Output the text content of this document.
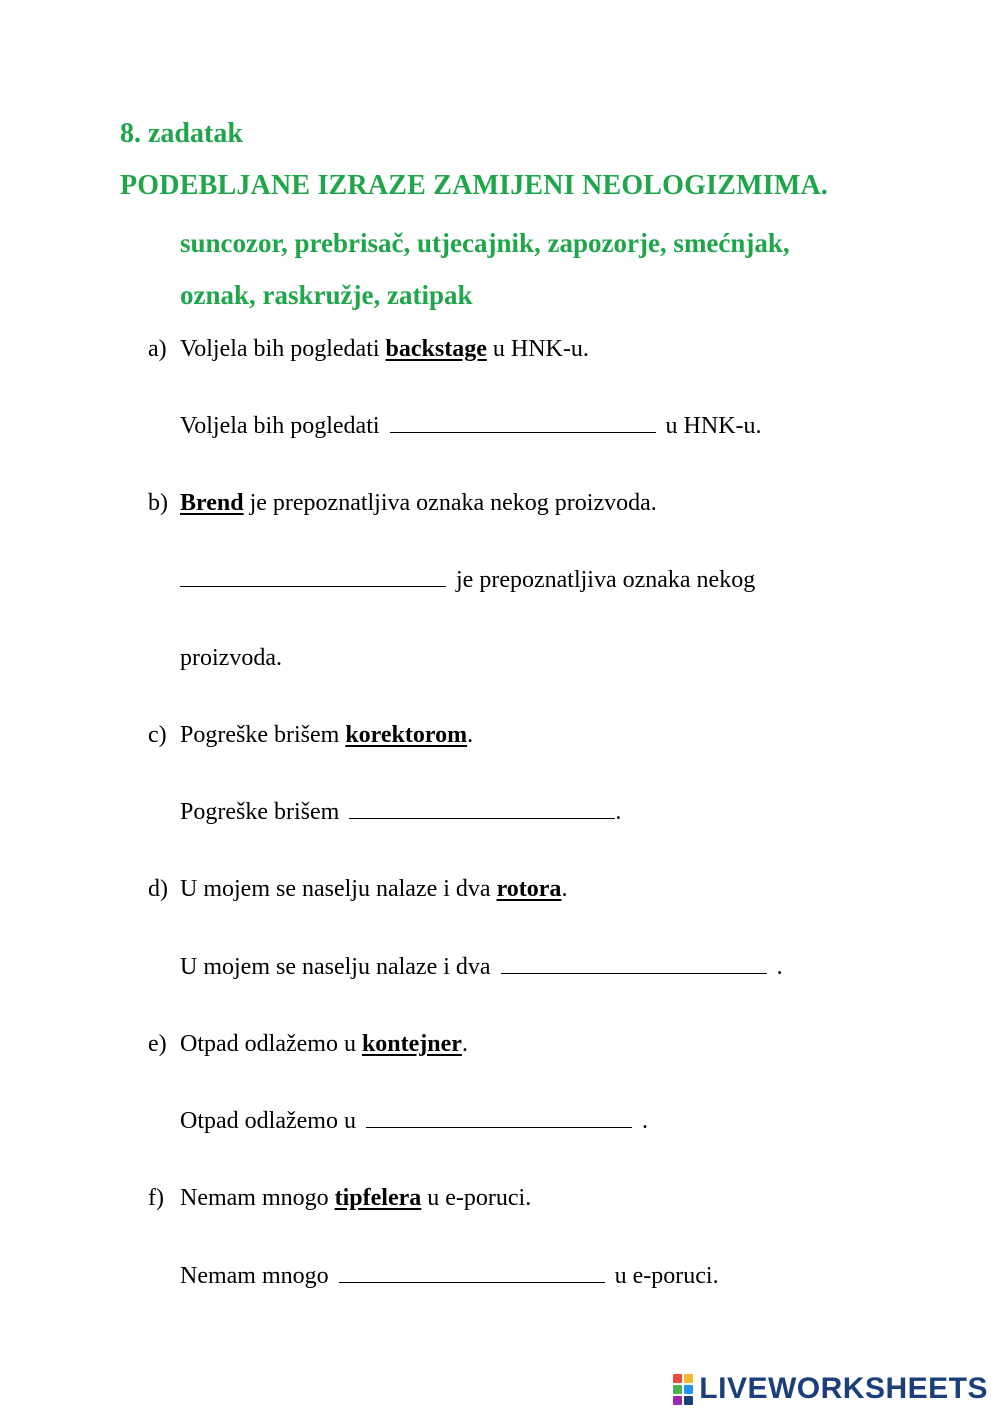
8. zadatak
PODEBLJANE IZRAZE ZAMIJENI NEOLOGIZMIMA.
suncozor, prebrisač, utjecajnik, zapozorje, smećnjak,
oznak, raskružje, zatipak
a) Voljela bih pogledati backstage u HNK-u.
Voljela bih pogledati	u HNK-u.
b) Brend je prepoznatljiva oznaka nekog proizvoda.
je prepoznatljiva oznaka nekog
proizvoda.
c) Pogreške brišem korektorom.
Pogreške brišem	.
d) U mojem se naselju nalaze i dva rotora.
U mojem se naselju nalaze i dva	.
e) Otpad odlažemo u kontejner.
Otpad odlažemo u	.
f) Nemam mnogo tipfelera u e-poruci.
Nemam mnogo	u e-poruci.
LIVEWORKSHEETS
